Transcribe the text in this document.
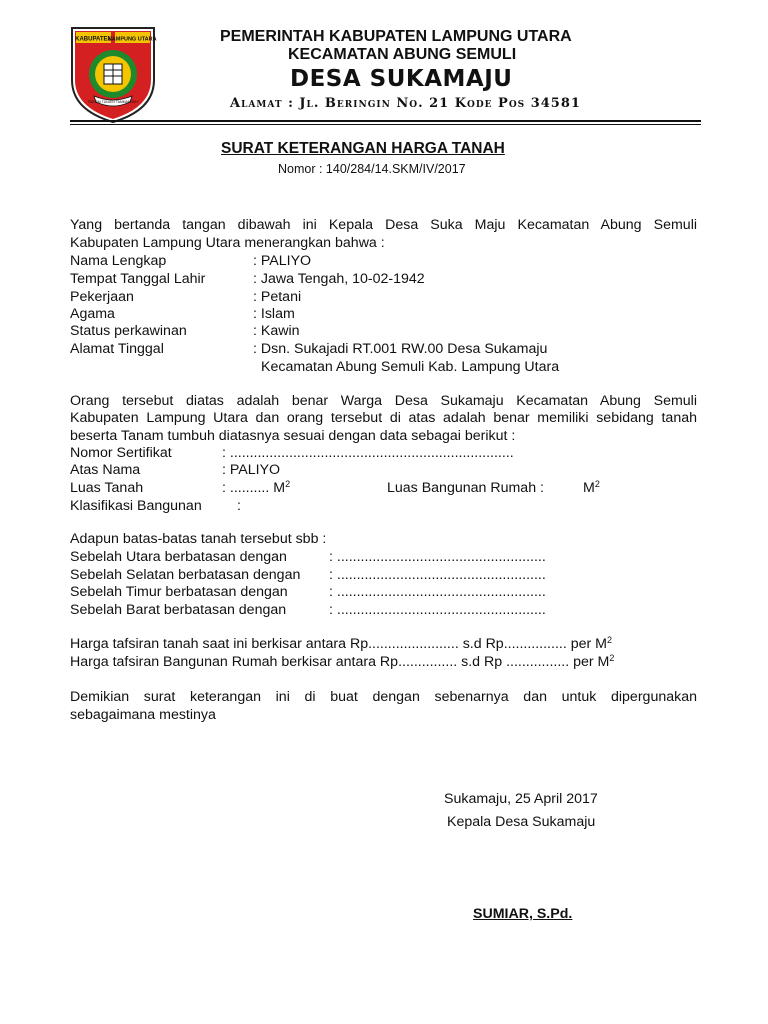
KABUPATEN
LAMPUNG UTARA
RAGEM TUNJEH TAMMANGEH
PEMERINTAH KABUPATEN LAMPUNG UTARA
KECAMATAN ABUNG SEMULI
DESA SUKAMAJU
Alamat : Jl. Beringin No. 21 Kode Pos 34581
SURAT KETERANGAN HARGA TANAH
Nomor : 140/284/14.SKM/IV/2017
Yang bertanda tangan dibawah ini Kepala Desa Suka Maju Kecamatan Abung Semuli
Kabupaten Lampung Utara menerangkan bahwa :
Nama Lengkap	: PALIYO
Tempat Tanggal Lahir	: Jawa Tengah, 10-02-1942
Pekerjaan	: Petani
Agama	: Islam
Status perkawinan	: Kawin
Alamat Tinggal	: Dsn. Sukajadi RT.001 RW.00 Desa Sukamaju
Kecamatan Abung Semuli Kab. Lampung Utara
Orang tersebut diatas adalah benar Warga Desa Sukamaju Kecamatan Abung Semuli
Kabupaten Lampung Utara dan orang tersebut di atas adalah benar memiliki sebidang tanah
beserta Tanam tumbuh diatasnya sesuai dengan data sebagai berikut :
Nomor Sertifikat	: ........................................................................
Atas Nama	: PALIYO
Luas Tanah	: .......... $M^2$	Luas Bangunan Rumah :	$M^2$
Klasifikasi Bangunan :
Adapun batas-batas tanah tersebut sbb :
Sebelah Utara berbatasan dengan	: .....................................................
Sebelah Selatan berbatasan dengan : .....................................................
Sebelah Timur berbatasan dengan	: .....................................................
Sebelah Barat berbatasan dengan	: .....................................................
Harga tafsiran tanah saat ini berkisar antara Rp....................... s.d Rp................ per $M^2$
Harga tafsiran Bangunan Rumah berkisar antara Rp............... s.d Rp ................ per $M^2$
Demikian surat keterangan ini di buat dengan sebenarnya dan untuk dipergunakan
sebagaimana mestinya
Sukamaju, 25 April 2017
Kepala Desa Sukamaju
SUMIAR, S.Pd.
